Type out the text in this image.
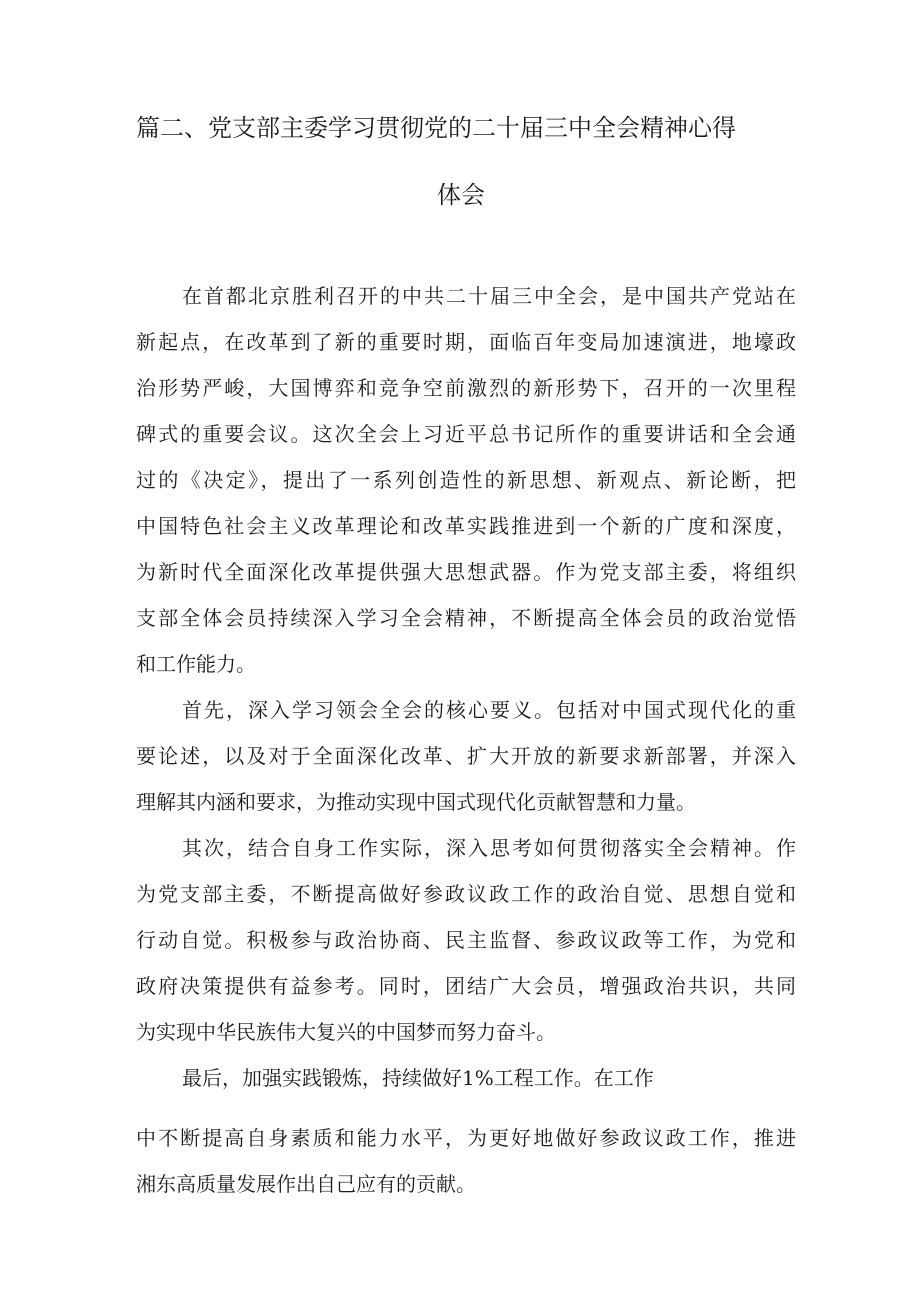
篇二、党支部主委学习贯彻党的二十届三中全会精神心得
体会

在首都北京胜利召开的中共二十届三中全会，是中国共产党站在

新起点，在改革到了新的重要时期，面临百年变局加速演进，地壕政

治形势严峻，大国博弈和竞争空前激烈的新形势下，召开的一次里程

碑式的重要会议。这次全会上习近平总书记所作的重要讲话和全会通

过的《决定》，提出了一系列创造性的新思想、新观点、新论断，把

中国特色社会主义改革理论和改革实践推进到一个新的广度和深度，

为新时代全面深化改革提供强大思想武器。作为党支部主委，将组织

支部全体会员持续深入学习全会精神，不断提高全体会员的政治觉悟

和工作能力。

首先，深入学习领会全会的核心要义。包括对中国式现代化的重

要论述，以及对于全面深化改革、扩大开放的新要求新部署，并深入

理解其内涵和要求，为推动实现中国式现代化贡献智慧和力量。

其次，结合自身工作实际，深入思考如何贯彻落实全会精神。作

为党支部主委，不断提高做好参政议政工作的政治自觉、思想自觉和

行动自觉。积极参与政治协商、民主监督、参政议政等工作，为党和

政府决策提供有益参考。同时，团结广大会员，增强政治共识，共同

为实现中华民族伟大复兴的中国梦而努力奋斗。

最后，加强实践锻炼，持续做好1%工程工作。在工作

中不断提高自身素质和能力水平，为更好地做好参政议政工作，推进

湘东高质量发展作出自己应有的贡献。
